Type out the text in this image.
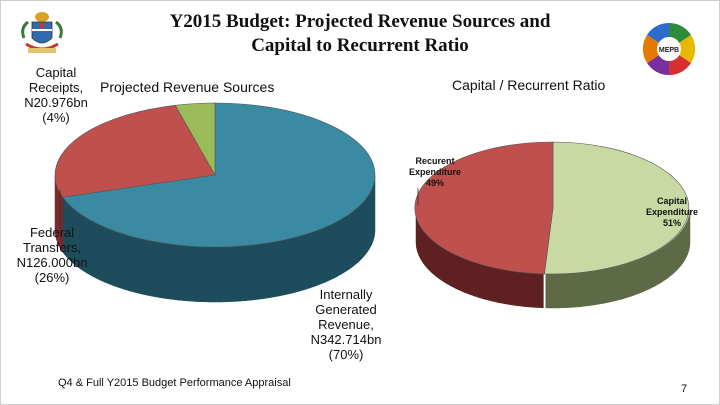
MEPB
Y2015 Budget: Projected Revenue Sources and
Capital to Recurrent Ratio
Projected Revenue Sources	Capital / Recurrent Ratio
Capital
Receipts,
N20.976bn
(4%)
Federal
Transfers,
N126.000bn
(26%)
Internally
Generated
Revenue,
N342.714bn
(70%)
Recurent
Expenditure
49%
Capital
Expenditure
51%
Q4 & Full Y2015 Budget Performance Appraisal	7
